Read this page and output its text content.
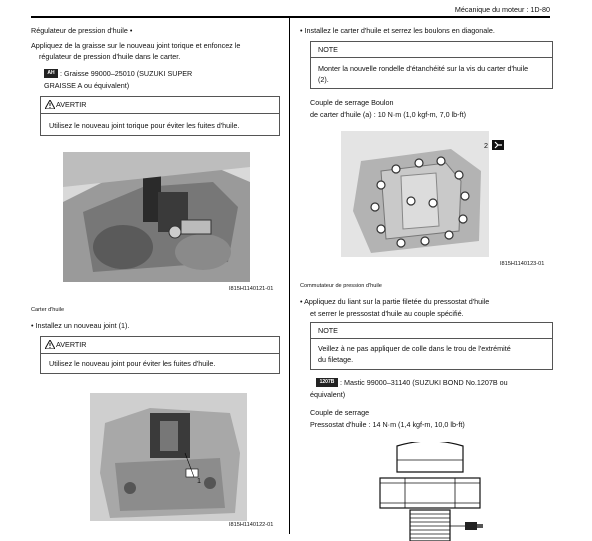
Mécanique du moteur : 1D-80
Régulateur de pression d'huile •
Appliquez de la graisse sur le nouveau joint torique et enfoncez le
régulateur de pression d'huile dans le carter.
AH : Graisse 99000–25010 (SUZUKI SUPER
GRAISSE A ou équivalent)
AVERTIR
Utilisez le nouveau joint torique pour éviter les fuites d'huile.
I815H1140121-01
Carter d'huile
• Installez un nouveau joint (1).
AVERTIR
Utilisez le nouveau joint pour éviter les fuites d'huile.
1
I815H1140122-01
• Installez le carter d'huile et serrez les boulons en diagonale.
NOTE
Monter la nouvelle rondelle d'étanchéité sur la vis du carter d'huile
(2).
Couple de serrage Boulon
de carter d'huile (a) : 10 N·m (1,0 kgf-m, 7,0 lb-ft)
2
I815H1140123-01
Commutateur de pression d'huile
• Appliquez du liant sur la partie filetée du pressostat d'huile
et serrer le pressostat d'huile au couple spécifié.
NOTE
Veillez à ne pas appliquer de colle dans le trou de l'extrémité
du filetage.
1207B : Mastic 99000–31140 (SUZUKI BOND No.1207B ou
équivalent)
Couple de serrage
Pressostat d'huile : 14 N·m (1,4 kgf-m, 10,0 lb-ft)
